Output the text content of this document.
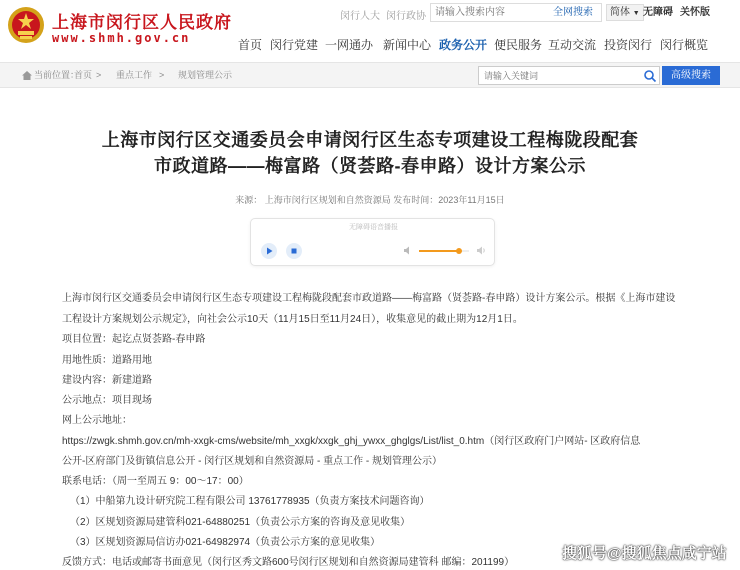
上海市闵行区人民政府
www.shmh.gov.cn
闵行人大 闵行政协
请输入搜索内容	全网搜索	简体 ▼ 无障碍 关怀版
首页 闵行党建 一网通办 新闻中心 政务公开 便民服务 互动交流 投资闵行 闵行概览
当前位置：
首页 > 重点工作 > 规划管理公示
请输入关键词	高级搜索
上海市闵行区交通委员会申请闵行区生态专项建设工程梅陇段配套
市政道路——梅富路（贤荟路-春申路）设计方案公示
来源： 上海市闵行区规划和自然资源局 发布时间：2023年11月15日
无障碍语音播报
上海市闵行区交通委员会申请闵行区生态专项建设工程梅陇段配套市政道路——梅富路（贤荟路-春申路）设计方案公示。根据《上海市建设
工程设计方案规划公示规定》，向社会公示10天（11月15日至11月24日），收集意见的截止期为12月1日。
项目位置：起讫点贤荟路-春申路
用地性质：道路用地
建设内容：新建道路
公示地点：项目现场
网上公示地址：
https://zwgk.shmh.gov.cn/mh-xxgk-cms/website/mh_xxgk/xxgk_ghj_ywxx_ghglgs/List/list_0.htm（闵行区政府门户网站- 区政府信息
公开-区府部门及街镇信息公开 - 闵行区规划和自然资源局 - 重点工作 - 规划管理公示）
联系电话：（周一至周五 9：00～17：00）
（1）中船第九设计研究院工程有限公司 13761778935（负责方案技术问题咨询）
（2）区规划资源局建管科021-64880251（负责公示方案的咨询及意见收集）
（3）区规划资源局信访办021-64982974（负责公示方案的意见收集）
反馈方式：电话或邮寄书面意见（闵行区秀文路600号闵行区规划和自然资源局建管科 邮编：201199）
搜狐号@搜狐焦点咸宁站
